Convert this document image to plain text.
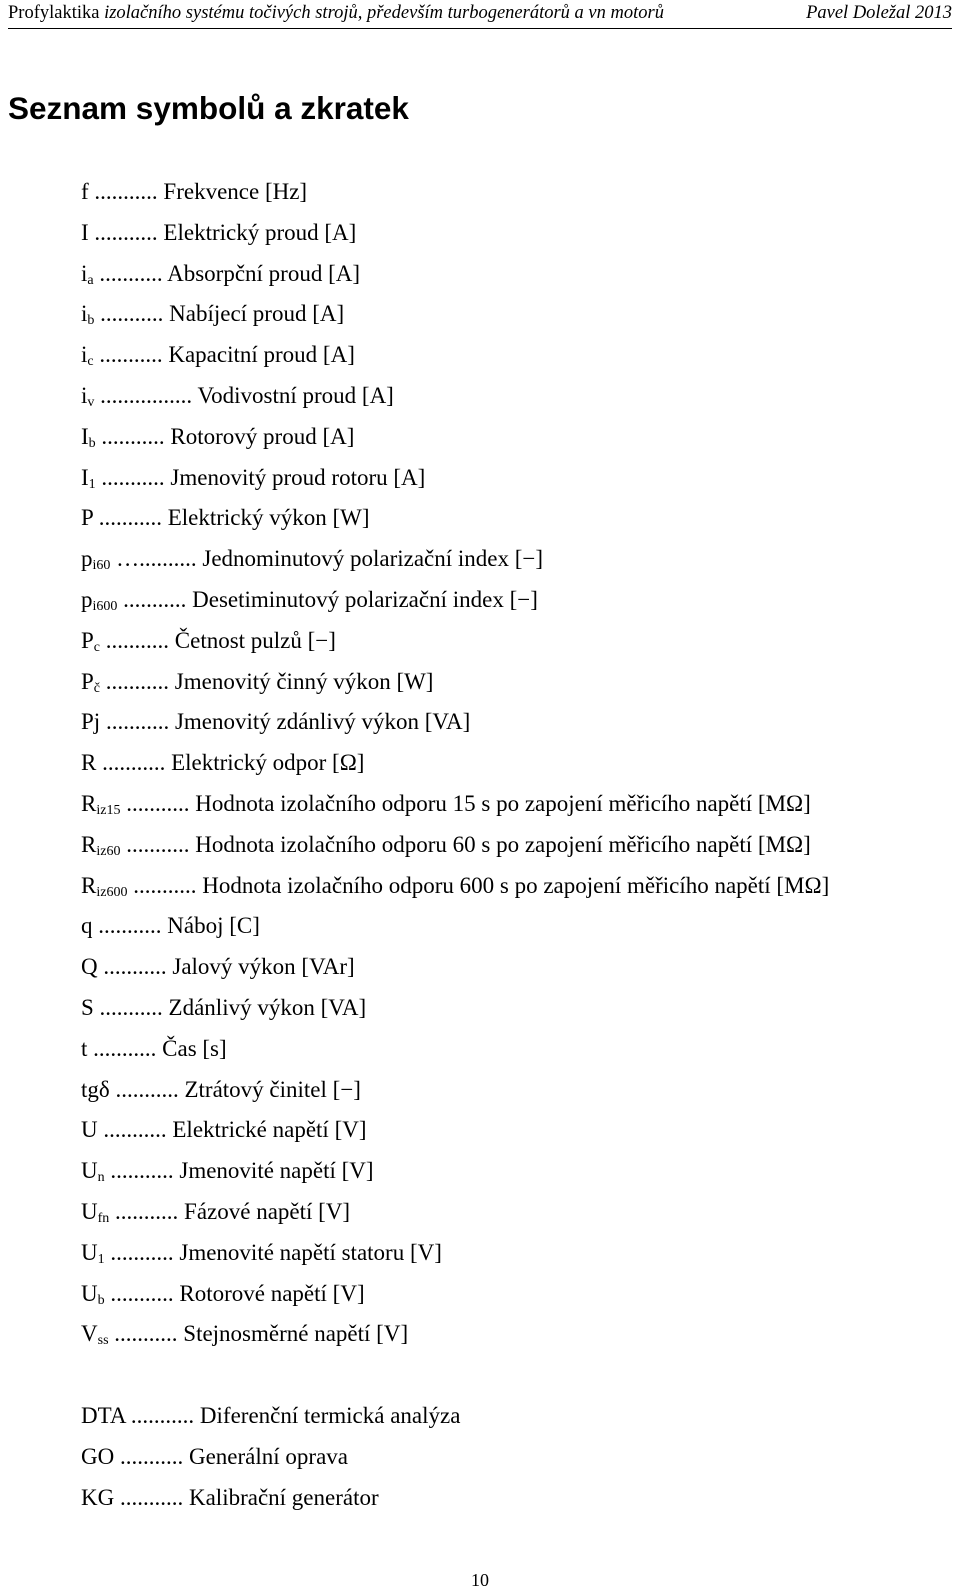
Profylaktika izolačního systému točivých strojů, především turbogenerátorů a vn motorů	Pavel Doležal 2013
Seznam symbolů a zkratek
f ........... Frekvence [Hz]
I ........... Elektrický proud [A]
$i_a$ ........... Absorpční proud [A]
$i_b$ ........... Nabíjecí proud [A]
$i_c$ ........... Kapacitní proud [A]
$i_v$ ................ Vodivostní proud [A]
$I_b$ ........... Rotorový proud [A]
$I_1$ ........... Jmenovitý proud rotoru [A]
P ........... Elektrický výkon [W]
$p_{i60}$ ….......... Jednominutový polarizační index [−]
$p_{i600}$ ........... Desetiminutový polarizační index [−]
$P_c$ ........... Četnost pulzů [−]
$P_č$ ........... Jmenovitý činný výkon [W]
Pj ........... Jmenovitý zdánlivý výkon [VA]
R ........... Elektrický odpor [Ω]
$R_{iz15}$ ........... Hodnota izolačního odporu 15 s po zapojení měřicího napětí [MΩ]
$R_{iz60}$ ........... Hodnota izolačního odporu 60 s po zapojení měřicího napětí [MΩ]
$R_{iz600}$ ........... Hodnota izolačního odporu 600 s po zapojení měřicího napětí [MΩ]
q ........... Náboj [C]
Q ........... Jalový výkon [VAr]
S ........... Zdánlivý výkon [VA]
t ........... Čas [s]
tgδ ........... Ztrátový činitel [−]
U ........... Elektrické napětí [V]
$U_n$ ........... Jmenovité napětí [V]
$U_{fn}$ ........... Fázové napětí [V]
$U_1$ ........... Jmenovité napětí statoru [V]
$U_b$ ........... Rotorové napětí [V]
$V_{ss}$ ........... Stejnosměrné napětí [V]
DTA ........... Diferenční termická analýza
GO ........... Generální oprava
KG ........... Kalibrační generátor
10
